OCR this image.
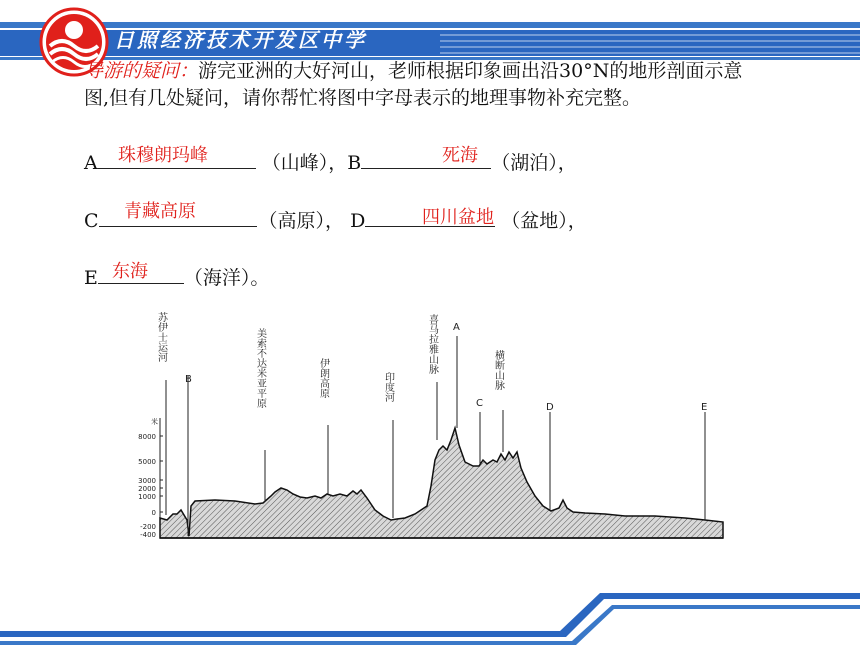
日照经济技术开发区中学
导游的疑问：游完亚洲的大好河山，老师根据印象画出沿30°N的地形剖面示意图,但有几处疑问，请你帮忙将图中字母表示的地理事物补充完整。
A	（山峰），B	（湖泊），
珠穆朗玛峰	死海
C	（高原）， D	（盆地），
青藏高原	四川盆地
E	（海洋）。
东海
米
8000
5000
3000
2000
1000
0
-200
-400
苏伊士运河
B	美索不达米亚平原	伊朗高原	印度河
喜马拉雅山脉 A
C
横断山脉
D	E
